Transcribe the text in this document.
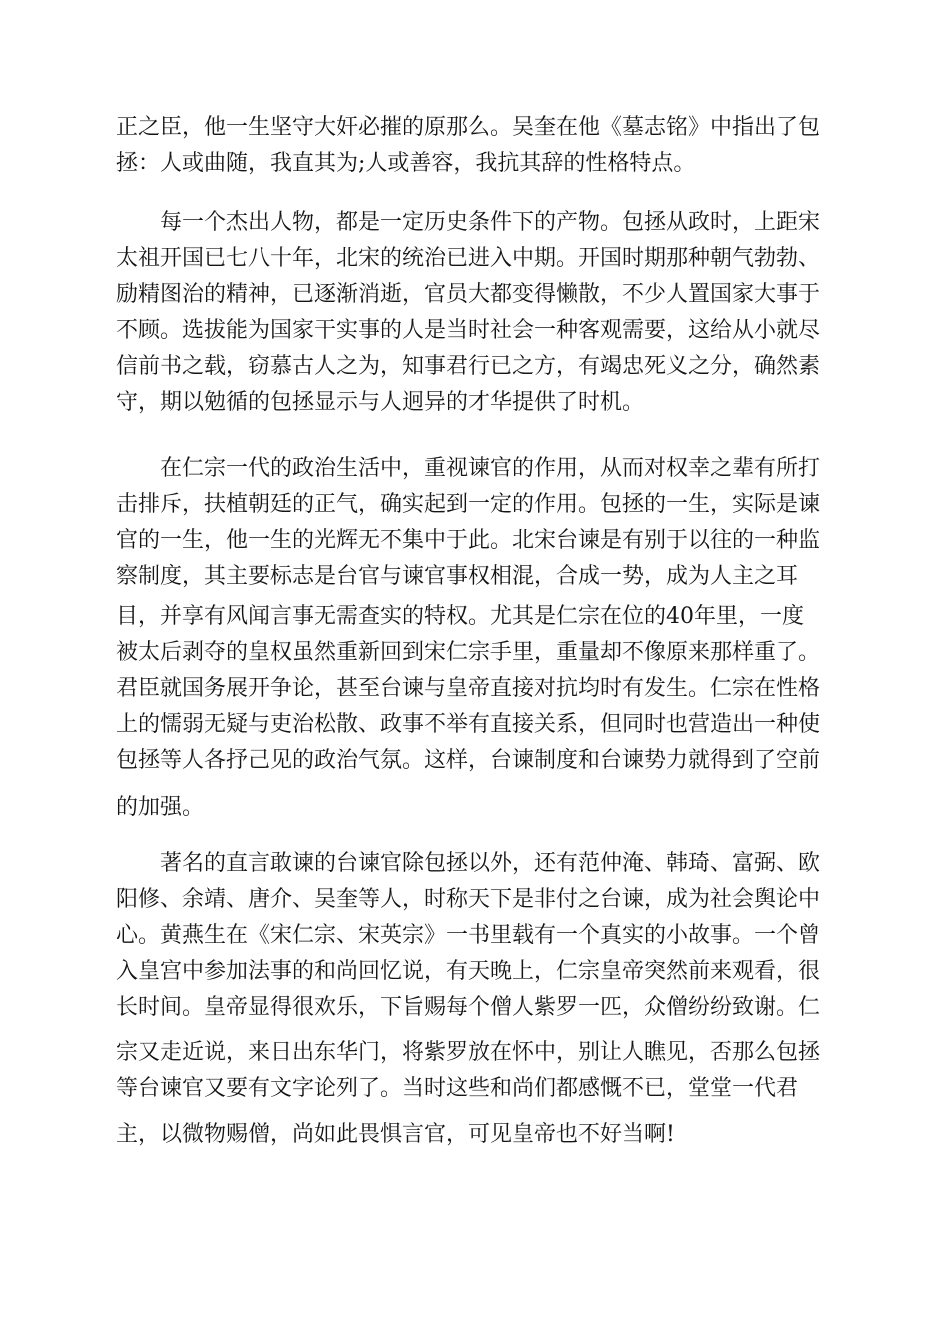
正之臣，他一生坚守大奸必摧的原那么。吴奎在他《墓志铭》中指出了包
拯：人或曲随，我直其为;人或善容，我抗其辞的性格特点。
每一个杰出人物，都是一定历史条件下的产物。包拯从政时，上距宋
太祖开国已七八十年，北宋的统治已进入中期。开国时期那种朝气勃勃、
励精图治的精神，已逐渐消逝，官员大都变得懒散，不少人置国家大事于
不顾。选拔能为国家干实事的人是当时社会一种客观需要，这给从小就尽
信前书之载，窃慕古人之为，知事君行已之方，有竭忠死义之分，确然素
守，期以勉循的包拯显示与人迥异的才华提供了时机。
在仁宗一代的政治生活中，重视谏官的作用，从而对权幸之辈有所打
击排斥，扶植朝廷的正气，确实起到一定的作用。包拯的一生，实际是谏
官的一生，他一生的光辉无不集中于此。北宋台谏是有别于以往的一种监
察制度，其主要标志是台官与谏官事权相混，合成一势，成为人主之耳
目，并享有风闻言事无需查实的特权。尤其是仁宗在位的40年里，一度
被太后剥夺的皇权虽然重新回到宋仁宗手里，重量却不像原来那样重了。
君臣就国务展开争论，甚至台谏与皇帝直接对抗均时有发生。仁宗在性格
上的懦弱无疑与吏治松散、政事不举有直接关系，但同时也营造出一种使
包拯等人各抒己见的政治气氛。这样，台谏制度和台谏势力就得到了空前
的加强。
著名的直言敢谏的台谏官除包拯以外，还有范仲淹、韩琦、富弼、欧
阳修、余靖、唐介、吴奎等人，时称天下是非付之台谏，成为社会舆论中
心。黄燕生在《宋仁宗、宋英宗》一书里载有一个真实的小故事。一个曾
入皇宫中参加法事的和尚回忆说，有天晚上，仁宗皇帝突然前来观看，很
长时间。皇帝显得很欢乐，下旨赐每个僧人紫罗一匹，众僧纷纷致谢。仁
宗又走近说，来日出东华门，将紫罗放在怀中，别让人瞧见，否那么包拯
等台谏官又要有文字论列了。当时这些和尚们都感慨不已，堂堂一代君
主，以微物赐僧，尚如此畏惧言官，可见皇帝也不好当啊!
